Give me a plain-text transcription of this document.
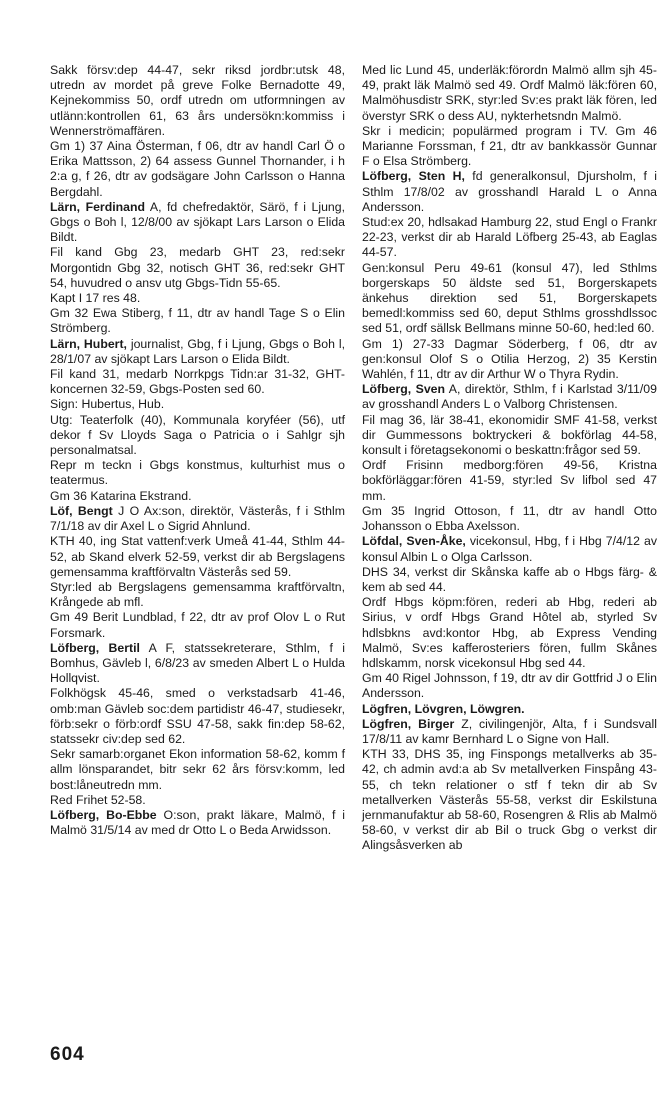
Sakk försv:dep 44-47, sekr riksd jordbr:utsk 48, utredn av mordet på greve Folke Bernadotte 49, Kejnekommiss 50, ordf utredn om utformningen av utlänn:kontrollen 61, 63 års undersökn:kommiss i Wennerströmaffären.

Gm 1) 37 Aina Österman, f 06, dtr av handl Carl Ö o Erika Mattsson, 2) 64 assess Gunnel Thornander, i h 2:a g, f 26, dtr av godsägare John Carlsson o Hanna Bergdahl.

Lärn, Ferdinand A, fd chefredaktör, Särö, f i Ljung, Gbgs o Boh l, 12/8/00 av sjökapt Lars Larson o Elida Bildt.

Fil kand Gbg 23, medarb GHT 23, red:sekr Morgontidn Gbg 32, notisch GHT 36, red:sekr GHT 54, huvudred o ansv utg Gbgs-Tidn 55-65.

Kapt I 17 res 48.

Gm 32 Ewa Stiberg, f 11, dtr av handl Tage S o Elin Strömberg.

Lärn, Hubert, journalist, Gbg, f i Ljung, Gbgs o Boh l, 28/1/07 av sjökapt Lars Larson o Elida Bildt.

Fil kand 31, medarb Norrkpgs Tidn:ar 31-32, GHT-koncernen 32-59, Gbgs-Posten sed 60.

Sign: Hubertus, Hub.

Utg: Teaterfolk (40), Kommunala koryféer (56), utf dekor f Sv Lloyds Saga o Patricia o i Sahlgr sjh personalmatsal.

Repr m teckn i Gbgs konstmus, kulturhist mus o teatermus.

Gm 36 Katarina Ekstrand.

Löf, Bengt J O Ax:son, direktör, Västerås, f i Sthlm 7/1/18 av dir Axel L o Sigrid Ahnlund.

KTH 40, ing Stat vattenf:verk Umeå 41-44, Sthlm 44-52, ab Skand elverk 52-59, verkst dir ab Bergslagens gemensamma kraftförvaltn Västerås sed 59.

Styr:led ab Bergslagens gemensamma kraftförvaltn, Krångede ab mfl.

Gm 49 Berit Lundblad, f 22, dtr av prof Olov L o Rut Forsmark.

Löfberg, Bertil A F, statssekreterare, Sthlm, f i Bomhus, Gävleb l, 6/8/23 av smeden Albert L o Hulda Hollqvist.

Folkhögsk 45-46, smed o verkstadsarb 41-46, omb:man Gävleb soc:dem partidistr 46-47, studiesekr, förb:sekr o förb:ordf SSU 47-58, sakk fin:dep 58-62, statssekr civ:dep sed 62.

Sekr samarb:organet Ekon information 58-62, komm f allm lönsparandet, bitr sekr 62 års försv:komm, led bost:låneutredn mm.

Red Frihet 52-58.

Löfberg, Bo-Ebbe O:son, prakt läkare, Malmö, f i Malmö 31/5/14 av med dr Otto L o Beda Arwidsson.

Med lic Lund 45, underläk:förordn Malmö allm sjh 45-49, prakt läk Malmö sed 49. Ordf Malmö läk:fören 60, Malmöhusdistr SRK, styr:led Sv:es prakt läk fören, led överstyr SRK o dess AU, nykterhetsndn Malmö.

Skr i medicin; populärmed program i TV. Gm 46 Marianne Forssman, f 21, dtr av bankkassör Gunnar F o Elsa Strömberg.

Löfberg, Sten H, fd generalkonsul, Djursholm, f i Sthlm 17/8/02 av grosshandl Harald L o Anna Andersson.

Stud:ex 20, hdlsakad Hamburg 22, stud Engl o Frankr 22-23, verkst dir ab Harald Löfberg 25-43, ab Eaglas 44-57.

Gen:konsul Peru 49-61 (konsul 47), led Sthlms borgerskaps 50 äldste sed 51, Borgerskapets änkehus direktion sed 51, Borgerskapets bemedl:kommiss sed 60, deput Sthlms grosshdlssoc sed 51, ordf sällsk Bellmans minne 50-60, hed:led 60.

Gm 1) 27-33 Dagmar Söderberg, f 06, dtr av gen:konsul Olof S o Otilia Herzog, 2) 35 Kerstin Wahlén, f 11, dtr av dir Arthur W o Thyra Rydin.

Löfberg, Sven A, direktör, Sthlm, f i Karlstad 3/11/09 av grosshandl Anders L o Valborg Christensen.

Fil mag 36, lär 38-41, ekonomidir SMF 41-58, verkst dir Gummessons boktryckeri & bokförlag 44-58, konsult i företagsekonomi o beskattn:frågor sed 59.

Ordf Frisinn medborg:fören 49-56, Kristna bokförläggar:fören 41-59, styr:led Sv lifbol sed 47 mm.

Gm 35 Ingrid Ottoson, f 11, dtr av handl Otto Johansson o Ebba Axelsson.

Löfdal, Sven-Åke, vicekonsul, Hbg, f i Hbg 7/4/12 av konsul Albin L o Olga Carlsson.

DHS 34, verkst dir Skånska kaffe ab o Hbgs färg- & kem ab sed 44.

Ordf Hbgs köpm:fören, rederi ab Hbg, rederi ab Sirius, v ordf Hbgs Grand Hôtel ab, styrled Sv hdlsbkns avd:kontor Hbg, ab Express Vending Malmö, Sv:es kafferosteriers fören, fullm Skånes hdlskamm, norsk vicekonsul Hbg sed 44.

Gm 40 Rigel Johnsson, f 19, dtr av dir Gottfrid J o Elin Andersson.

Lögfren, Lövgren, Löwgren.

Lögfren, Birger Z, civilingenjör, Alta, f i Sundsvall 17/8/11 av kamr Bernhard L o Signe von Hall.

KTH 33, DHS 35, ing Finspongs metallverks ab 35-42, ch admin avd:a ab Sv metallverken Finspång 43-55, ch tekn relationer o stf f tekn dir ab Sv metallverken Västerås 55-58, verkst dir Eskilstuna jernmanufaktur ab 58-60, Rosengren & Rlis ab Malmö 58-60, v verkst dir ab Bil o truck Gbg o verkst dir Alingsåsverken ab

604
